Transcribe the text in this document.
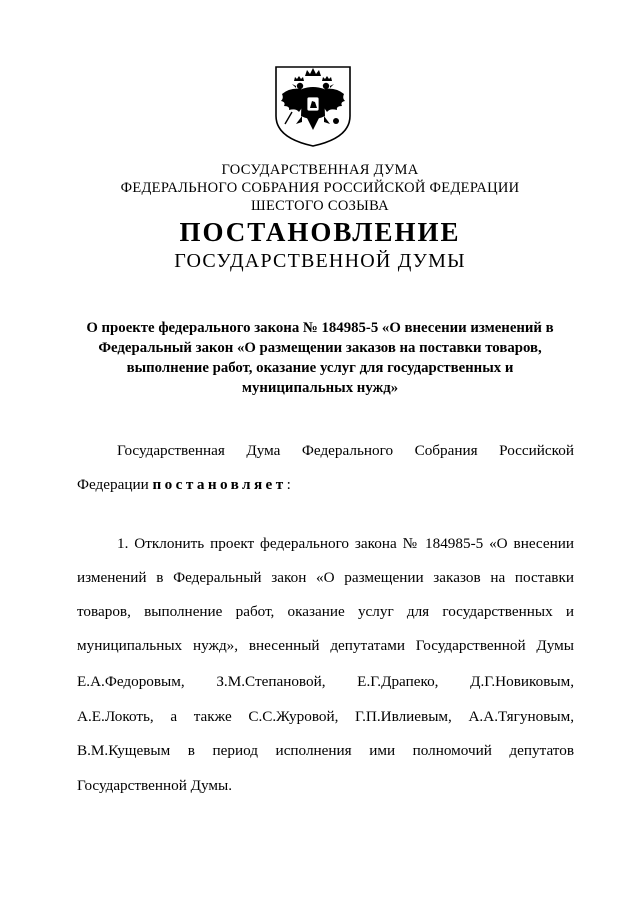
ГОСУДАРСТВЕННАЯ ДУМА
ФЕДЕРАЛЬНОГО СОБРАНИЯ РОССИЙСКОЙ ФЕДЕРАЦИИ
ШЕСТОГО СОЗЫВА
ПОСТАНОВЛЕНИЕ
ГОСУДАРСТВЕННОЙ ДУМЫ
О проекте федерального закона № 184985-5 «О внесении изменений в
Федеральный закон «О размещении заказов на поставки товаров,
выполнение работ, оказание услуг для государственных и
муниципальных нужд»
Государственная Дума Федерального Собрания Российской
Федерации постановляет:
1. Отклонить проект федерального закона № 184985-5 «О внесении
изменений в Федеральный закон «О размещении заказов на поставки
товаров, выполнение работ, оказание услуг для государственных и
муниципальных нужд», внесенный депутатами Государственной Думы
Е.А.Федоровым, З.М.Степановой, Е.Г.Драпеко, Д.Г.Новиковым,
А.Е.Локоть, а также С.С.Журовой, Г.П.Ивлиевым, А.А.Тягуновым,
В.М.Кущевым в период исполнения ими полномочий депутатов
Государственной Думы.
